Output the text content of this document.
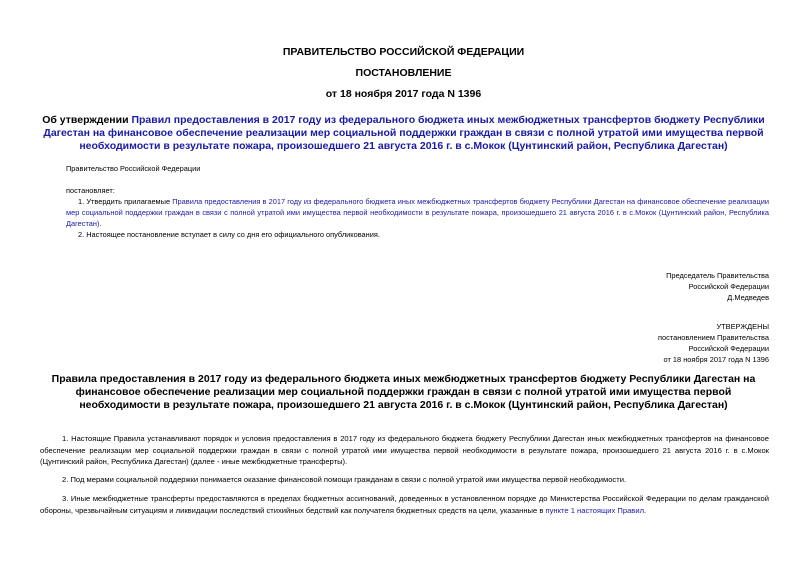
ПРАВИТЕЛЬСТВО РОССИЙСКОЙ ФЕДЕРАЦИИ
ПОСТАНОВЛЕНИЕ
от 18 ноября 2017 года N 1396
Об утверждении Правил предоставления в 2017 году из федерального бюджета иных межбюджетных трансфертов бюджету Республики Дагестан на финансовое обеспечение реализации мер социальной поддержки граждан в связи с полной утратой ими имущества первой необходимости в результате пожара, произошедшего 21 августа 2016 г. в с.Мокок (Цунтинский район, Республика Дагестан)
Правительство Российской Федерации
постановляет:
1. Утвердить прилагаемые Правила предоставления в 2017 году из федерального бюджета иных межбюджетных трансфертов бюджету Республики Дагестан на финансовое обеспечение реализации мер социальной поддержки граждан в связи с полной утратой ими имущества первой необходимости в результате пожара, произошедшего 21 августа 2016 г. в с.Мокок (Цунтинский район, Республика Дагестан).
2. Настоящее постановление вступает в силу со дня его официального опубликования.
Председатель Правительства
Российской Федерации
Д.Медведев
УТВЕРЖДЕНЫ
постановлением Правительства
Российской Федерации
от 18 ноября 2017 года N 1396
Правила предоставления в 2017 году из федерального бюджета иных межбюджетных трансфертов бюджету Республики Дагестан на финансовое обеспечение реализации мер социальной поддержки граждан в связи с полной утратой ими имущества первой необходимости в результате пожара, произошедшего 21 августа 2016 г. в с.Мокок (Цунтинский район, Республика Дагестан)
1. Настоящие Правила устанавливают порядок и условия предоставления в 2017 году из федерального бюджета бюджету Республики Дагестан иных межбюджетных трансфертов на финансовое обеспечение реализации мер социальной поддержки граждан в связи с полной утратой ими имущества первой необходимости в результате пожара, произошедшего 21 августа 2016 г. в с.Мокок (Цунтинский район, Республика Дагестан) (далее - иные межбюджетные трансферты).
2. Под мерами социальной поддержки понимается оказание финансовой помощи гражданам в связи с полной утратой ими имущества первой необходимости.
3. Иные межбюджетные трансферты предоставляются в пределах бюджетных ассигнований, доведенных в установленном порядке до Министерства Российской Федерации по делам гражданской обороны, чрезвычайным ситуациям и ликвидации последствий стихийных бедствий как получателя бюджетных средств на цели, указанные в пункте 1 настоящих Правил.
